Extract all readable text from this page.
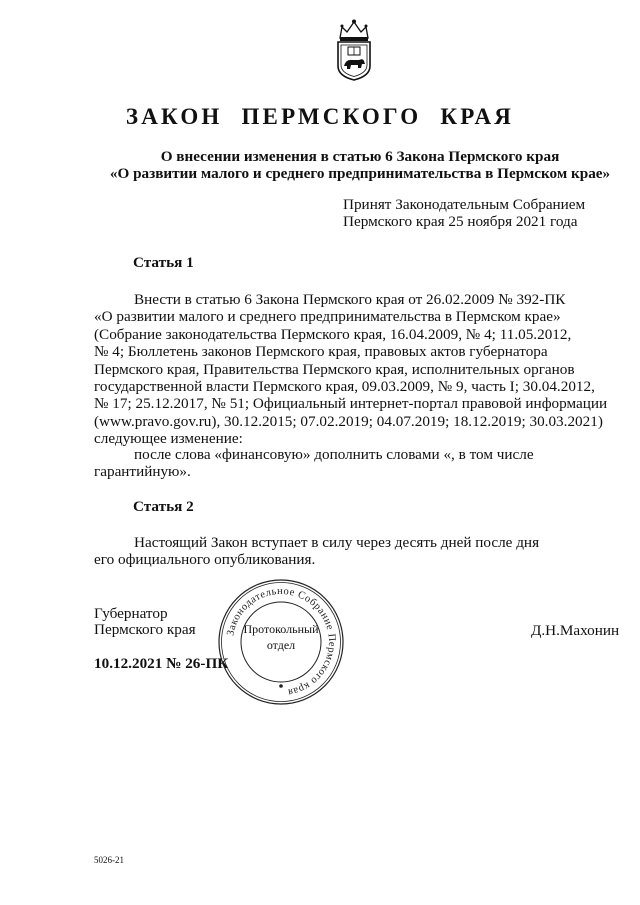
ЗАКОН ПЕРМСКОГО КРАЯ
О внесении изменения в статью 6 Закона Пермского края
«О развитии малого и среднего предпринимательства в Пермском крае»
Принят Законодательным Собранием
Пермского края 25 ноября 2021 года
Статья 1

Внести в статью 6 Закона Пермского края от 26.02.2009 № 392-ПК

«О развитии малого и среднего предпринимательства в Пермском крае»

(Собрание законодательства Пермского края, 16.04.2009, № 4; 11.05.2012,

№ 4; Бюллетень законов Пермского края, правовых актов губернатора

Пермского края, Правительства Пермского края, исполнительных органов

государственной власти Пермского края, 09.03.2009, № 9, часть I; 30.04.2012,

№ 17; 25.12.2017, № 51; Официальный интернет-портал правовой информации

(www.pravo.gov.ru), 30.12.2015; 07.02.2019; 04.07.2019; 18.12.2019; 30.03.2021)

следующее изменение:

после слова «финансовую» дополнить словами «, в том числе

гарантийную».

Статья 2

Настоящий Закон вступает в силу через десять дней после дня

его официального опубликования.

Губернатор
Пермского края	Д.Н.Махонин
10.12.2021 № 26-ПК
Законодательное Собрание Пермского края
Протокольный
отдел
5026-21
